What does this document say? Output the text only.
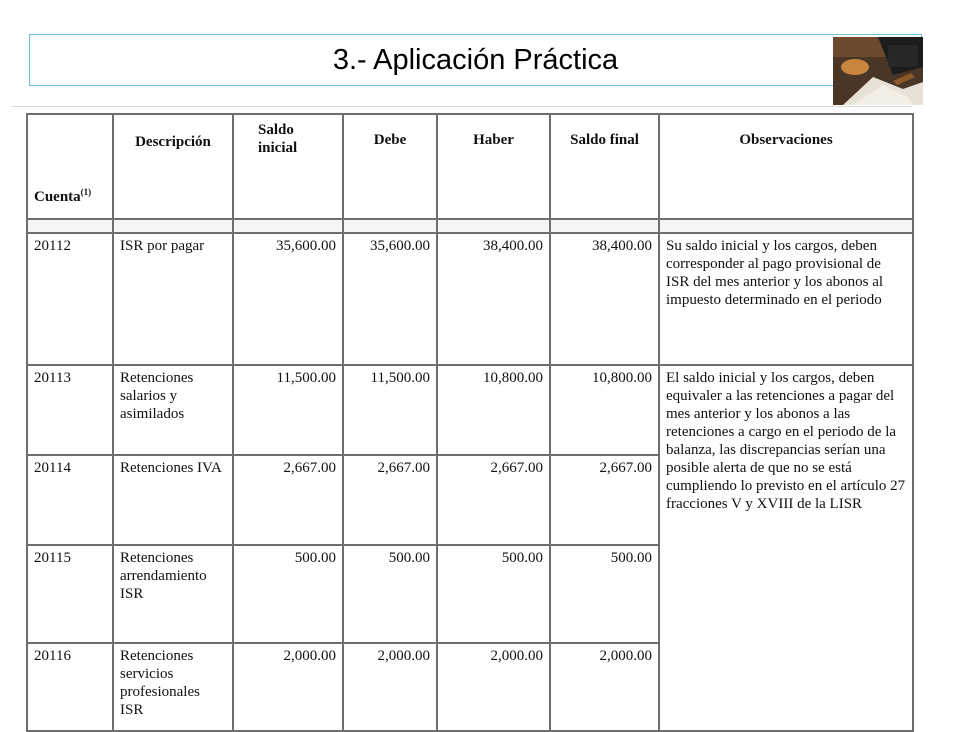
3.- Aplicación Práctica
Cuenta$^{(1)}$	Descripción	Saldo inicial	Debe	Haber	Saldo final	Observaciones

20112	ISR por pagar	35,600.00	35,600.00	38,400.00	38,400.00	Su saldo inicial y los cargos, deben corresponder al pago provisional de ISR del mes anterior y los abonos al impuesto determinado en el periodo
20113	Retenciones salarios y asimilados	11,500.00	11,500.00	10,800.00	10,800.00	El saldo inicial y los cargos, deben equivaler a las retenciones a pagar del mes anterior y los abonos a las retenciones a cargo en el periodo de la balanza, las discrepancias serían una posible alerta de que no se está cumpliendo lo previsto en el artículo 27 fracciones V y XVIII de la LISR
20114	Retenciones IVA	2,667.00	2,667.00	2,667.00	2,667.00	
20115	Retenciones arrendamiento ISR	500.00	500.00	500.00	500.00	
20116	Retenciones servicios profesionales ISR	2,000.00	2,000.00	2,000.00	2,000.00	
